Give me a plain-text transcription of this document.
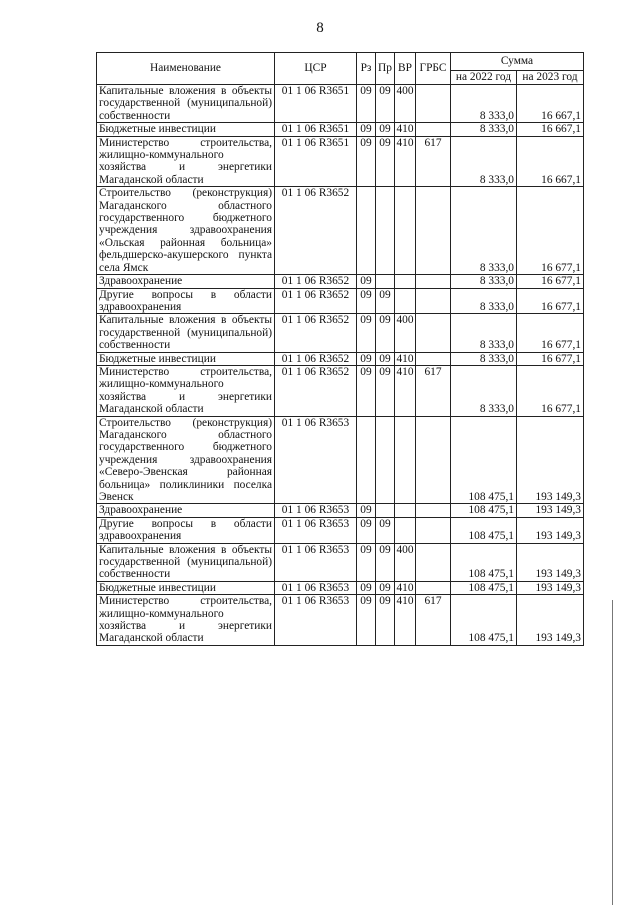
8
Наименование	ЦСР	Рз	Пр	ВР	ГРБС	Сумма	
						на 2022 год	на 2023 год
Капитальные вложения в объекты государственной (муниципальной) собственности	01 1 06 R3651	09	09	400		8 333,0	16 667,1
Бюджетные инвестиции	01 1 06 R3651	09	09	410		8 333,0	16 667,1
Министерство строительства, жилищно-коммунального хозяйства и энергетики Магаданской области	01 1 06 R3651	09	09	410	617	8 333,0	16 667,1
Строительство (реконструкция) Магаданского областного государственного бюджетного учреждения здравоохранения «Ольская районная больница» фельдшерско-акушерского пункта села Ямск	01 1 06 R3652					8 333,0	16 677,1
Здравоохранение	01 1 06 R3652	09				8 333,0	16 677,1
Другие вопросы в области здравоохранения	01 1 06 R3652	09	09			8 333,0	16 677,1
Капитальные вложения в объекты государственной (муниципальной) собственности	01 1 06 R3652	09	09	400		8 333,0	16 677,1
Бюджетные инвестиции	01 1 06 R3652	09	09	410		8 333,0	16 677,1
Министерство строительства, жилищно-коммунального хозяйства и энергетики Магаданской области	01 1 06 R3652	09	09	410	617	8 333,0	16 677,1
Строительство (реконструкция) Магаданского областного государственного бюджетного учреждения здравоохранения «Северо-Эвенская районная больница» поликлиники поселка Эвенск	01 1 06 R3653					108 475,1	193 149,3
Здравоохранение	01 1 06 R3653	09				108 475,1	193 149,3
Другие вопросы в области здравоохранения	01 1 06 R3653	09	09			108 475,1	193 149,3
Капитальные вложения в объекты государственной (муниципальной) собственности	01 1 06 R3653	09	09	400		108 475,1	193 149,3
Бюджетные инвестиции	01 1 06 R3653	09	09	410		108 475,1	193 149,3
Министерство строительства, жилищно-коммунального хозяйства и энергетики Магаданской области	01 1 06 R3653	09	09	410	617	108 475,1	193 149,3
